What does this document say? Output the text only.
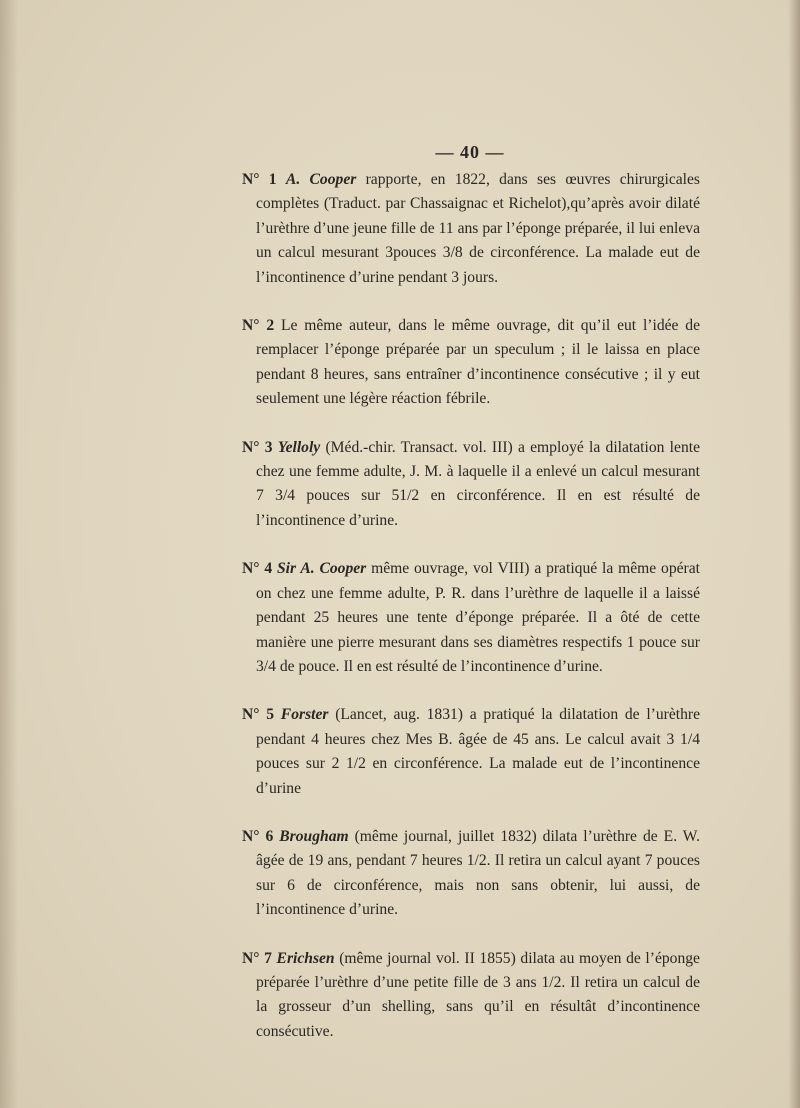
— 40 —

N° 1 A. Cooper rapporte, en 1822, dans ses œuvres chirurgicales complètes (Traduct. par Chassaignac et Richelot),qu’après avoir dilaté l’urèthre d’une jeune fille de 11 ans par l’éponge préparée, il lui enleva un calcul mesurant 3pouces 3/8 de circonférence. La malade eut de l’incontinence d’urine pendant 3 jours.

N° 2 Le même auteur, dans le même ouvrage, dit qu’il eut l’idée de remplacer l’éponge préparée par un speculum ; il le laissa en place pendant 8 heures, sans entraîner d’incontinence consécutive ; il y eut seulement une légère réaction fébrile.

N° 3 Yelloly (Méd.-chir. Transact. vol. III) a employé la dilatation lente chez une femme adulte, J. M. à laquelle il a enlevé un calcul mesurant 7 3/4 pouces sur 51/2 en circonférence. Il en est résulté de l’incontinence d’urine.

N° 4 Sir A. Cooper même ouvrage, vol VIII) a pratiqué la même opérat on chez une femme adulte, P. R. dans l’urèthre de laquelle il a laissé pendant 25 heures une tente d’éponge préparée. Il a ôté de cette manière une pierre mesurant dans ses diamètres respectifs 1 pouce sur 3/4 de pouce. Il en est résulté de l’incontinence d’urine.

N° 5 Forster (Lancet, aug. 1831) a pratiqué la dilatation de l’urèthre pendant 4 heures chez Mes B. âgée de 45 ans. Le calcul avait 3 1/4 pouces sur 2 1/2 en circonférence. La malade eut de l’incontinence d’urine

N° 6 Brougham (même journal, juillet 1832) dilata l’urèthre de E. W. âgée de 19 ans, pendant 7 heures 1/2. Il retira un calcul ayant 7 pouces sur 6 de circonférence, mais non sans obtenir, lui aussi, de l’incontinence d’urine.

N° 7 Erichsen (même journal vol. II 1855) dilata au moyen de l’éponge préparée l’urèthre d’une petite fille de 3 ans 1/2. Il retira un calcul de la grosseur d’un shelling, sans qu’il en résultât d’incontinence consécutive.
